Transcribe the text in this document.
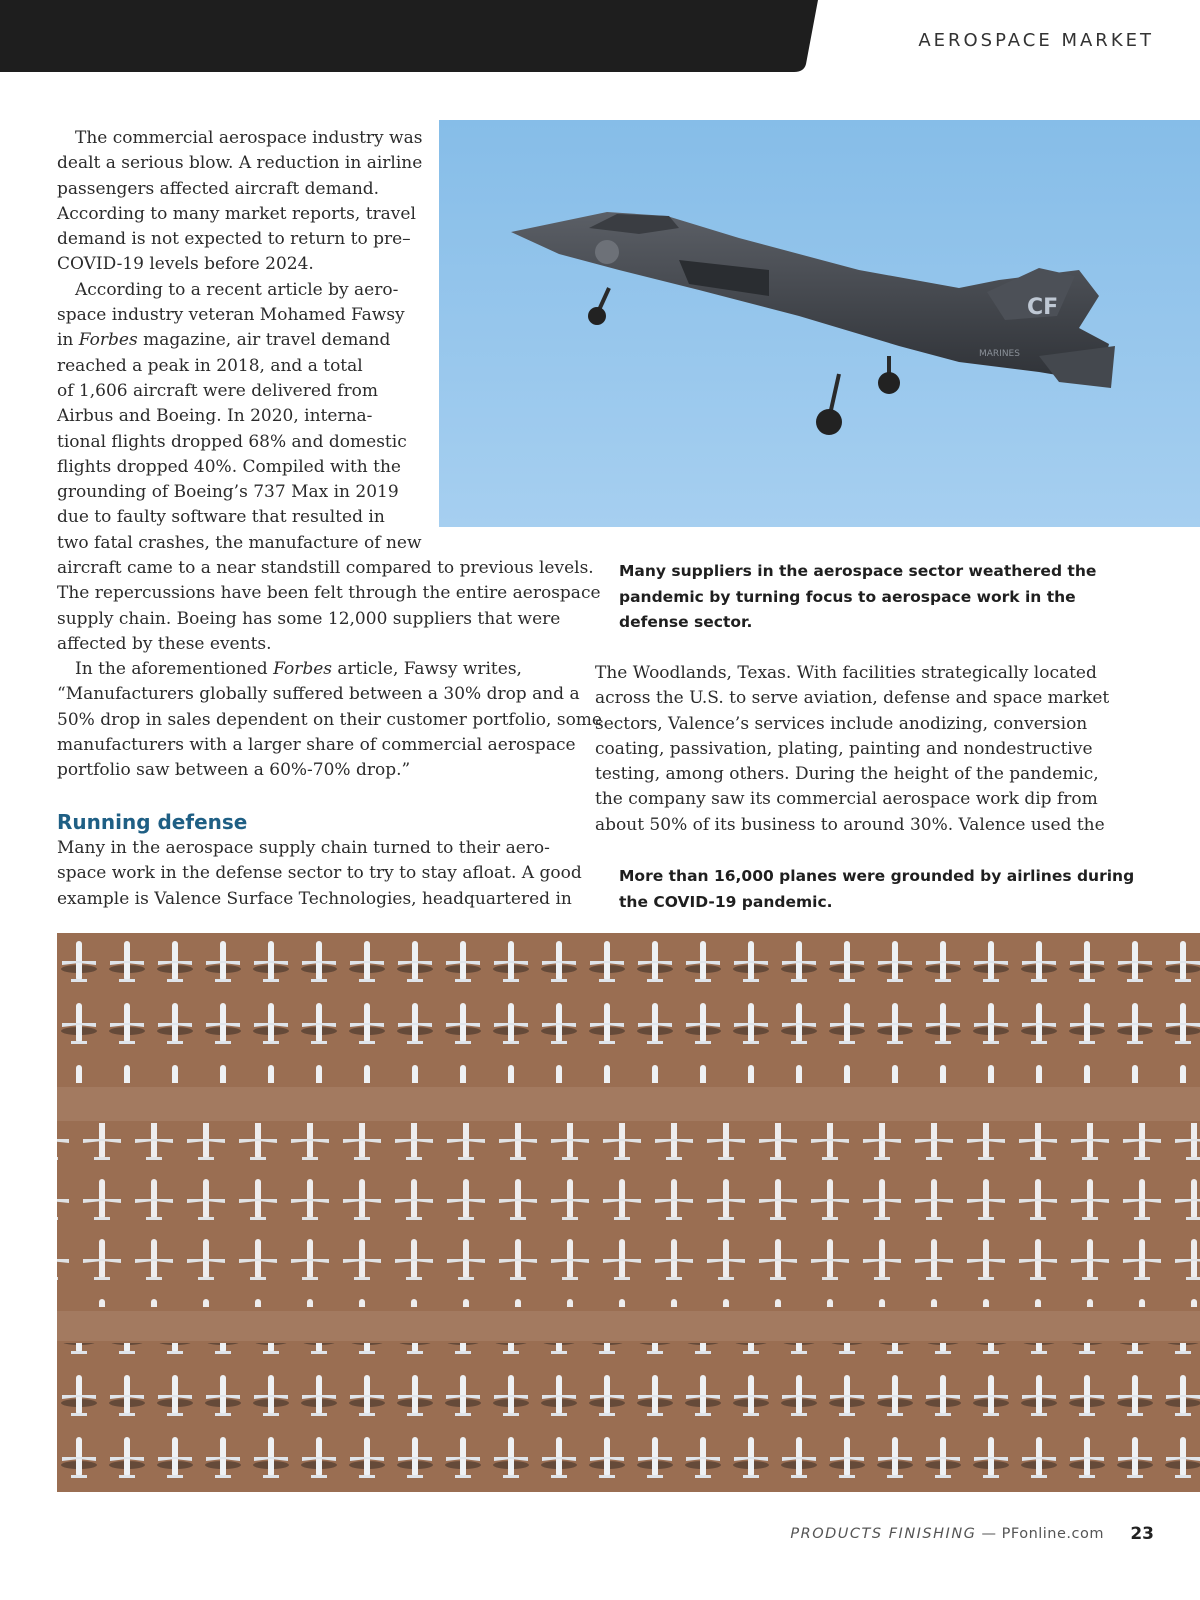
AEROSPACE MARKET
The commercial aerospace industry was
dealt a serious blow. A reduction in airline
passengers affected aircraft demand.
According to many market reports, travel
demand is not expected to return to pre–
COVID-19 levels before 2024.
According to a recent article by aero-
space industry veteran Mohamed Fawsy
in Forbes magazine, air travel demand
reached a peak in 2018, and a total
of 1,606 aircraft were delivered from
Airbus and Boeing. In 2020, interna-
tional flights dropped 68% and domestic
flights dropped 40%. Compiled with the
grounding of Boeing’s 737 Max in 2019
due to faulty software that resulted in
two fatal crashes, the manufacture of new
aircraft came to a near standstill compared to previous levels.
The repercussions have been felt through the entire aerospace
supply chain. Boeing has some 12,000 suppliers that were
affected by these events.
In the aforementioned Forbes article, Fawsy writes,
“Manufacturers globally suffered between a 30% drop and a
50% drop in sales dependent on their customer portfolio, some
manufacturers with a larger share of commercial aerospace
portfolio saw between a 60%-70% drop.”
Running defense
Many in the aerospace supply chain turned to their aero-
space work in the defense sector to try to stay afloat. A good
example is Valence Surface Technologies, headquartered in
The Woodlands, Texas. With facilities strategically located
across the U.S. to serve aviation, defense and space market
sectors, Valence’s services include anodizing, conversion
coating, passivation, plating, painting and nondestructive
testing, among others. During the height of the pandemic,
the company saw its commercial aerospace work dip from
about 50% of its business to around 30%. Valence used the
Many suppliers in the aerospace sector weathered the
pandemic by turning focus to aerospace work in the
defense sector.
More than 16,000 planes were grounded by airlines during
the COVID-19 pandemic.
CF
MARINES
PRODUCTS FINISHING — PFonline.com 23
